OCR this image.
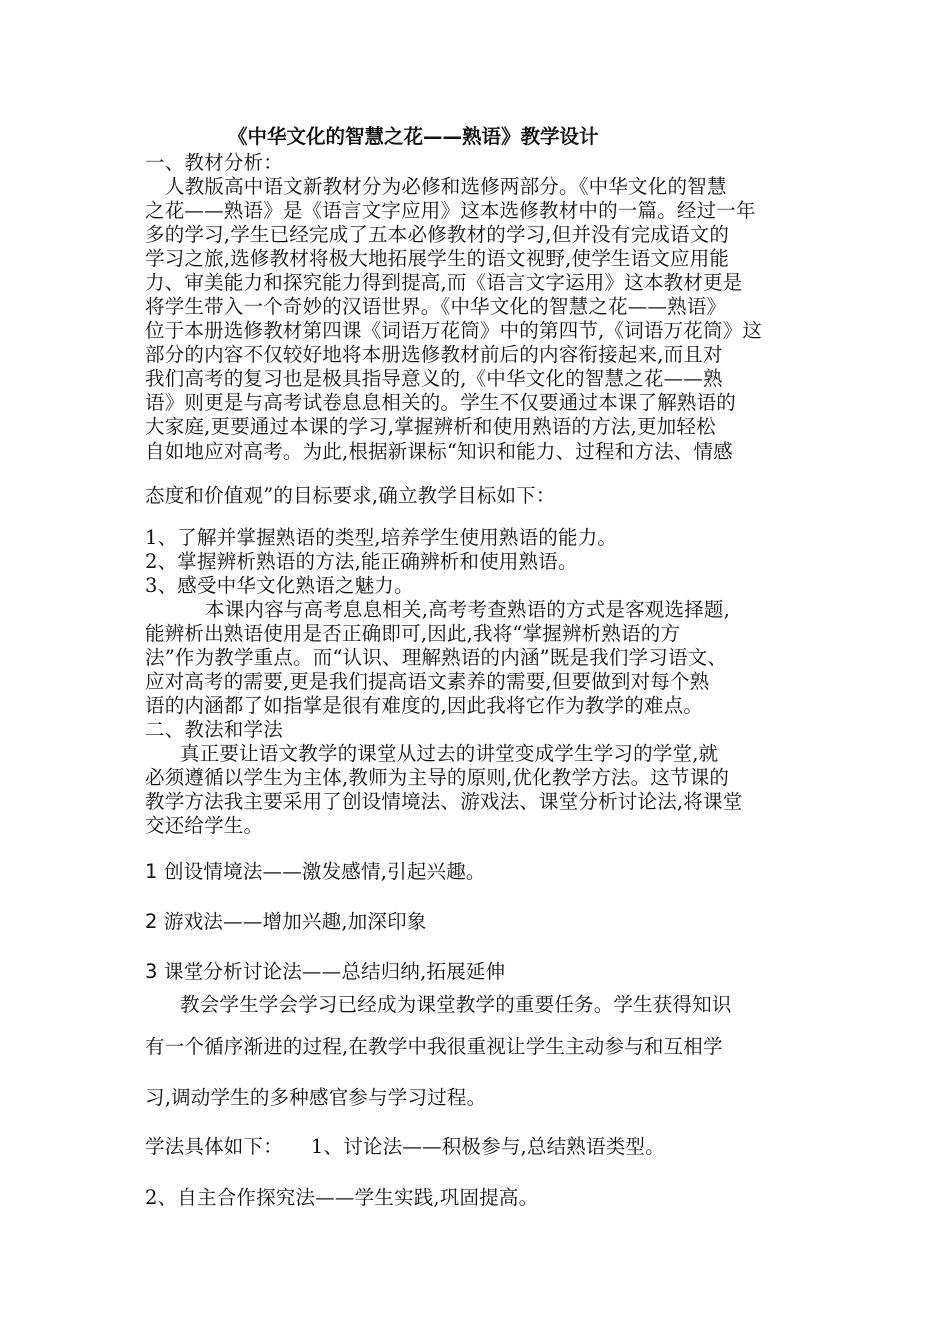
《中华文化的智慧之花——熟语》教学设计
一、教材分析：
人教版高中语文新教材分为必修和选修两部分。《中华文化的智慧
之花——熟语》是《语言文字应用》这本选修教材中的一篇。经过一年
多的学习,学生已经完成了五本必修教材的学习,但并没有完成语文的
学习之旅,选修教材将极大地拓展学生的语文视野,使学生语文应用能
力、审美能力和探究能力得到提高,而《语言文字运用》这本教材更是
将学生带入一个奇妙的汉语世界。《中华文化的智慧之花——熟语》
位于本册选修教材第四课《词语万花筒》中的第四节,《词语万花筒》这
部分的内容不仅较好地将本册选修教材前后的内容衔接起来,而且对
我们高考的复习也是极具指导意义的,《中华文化的智慧之花——熟
语》则更是与高考试卷息息相关的。学生不仅要通过本课了解熟语的
大家庭,更要通过本课的学习,掌握辨析和使用熟语的方法,更加轻松
自如地应对高考。为此,根据新课标“知识和能力、过程和方法、情感
态度和价值观”的目标要求,确立教学目标如下：
1、了解并掌握熟语的类型,培养学生使用熟语的能力。
2、掌握辨析熟语的方法,能正确辨析和使用熟语。
3、感受中华文化熟语之魅力。
本课内容与高考息息相关,高考考查熟语的方式是客观选择题,
能辨析出熟语使用是否正确即可,因此,我将“掌握辨析熟语的方
法”作为教学重点。而“认识、理解熟语的内涵”既是我们学习语文、
应对高考的需要,更是我们提高语文素养的需要,但要做到对每个熟
语的内涵都了如指掌是很有难度的,因此我将它作为教学的难点。
二、教法和学法
真正要让语文教学的课堂从过去的讲堂变成学生学习的学堂,就
必须遵循以学生为主体,教师为主导的原则,优化教学方法。这节课的
教学方法我主要采用了创设情境法、游戏法、课堂分析讨论法,将课堂
交还给学生。
1 创设情境法——激发感情,引起兴趣。
2 游戏法——增加兴趣,加深印象
3 课堂分析讨论法——总结归纳,拓展延伸
教会学生学会学习已经成为课堂教学的重要任务。学生获得知识
有一个循序渐进的过程,在教学中我很重视让学生主动参与和互相学
习,调动学生的多种感官参与学习过程。
学法具体如下： 1、讨论法——积极参与,总结熟语类型。
2、自主合作探究法——学生实践,巩固提高。
